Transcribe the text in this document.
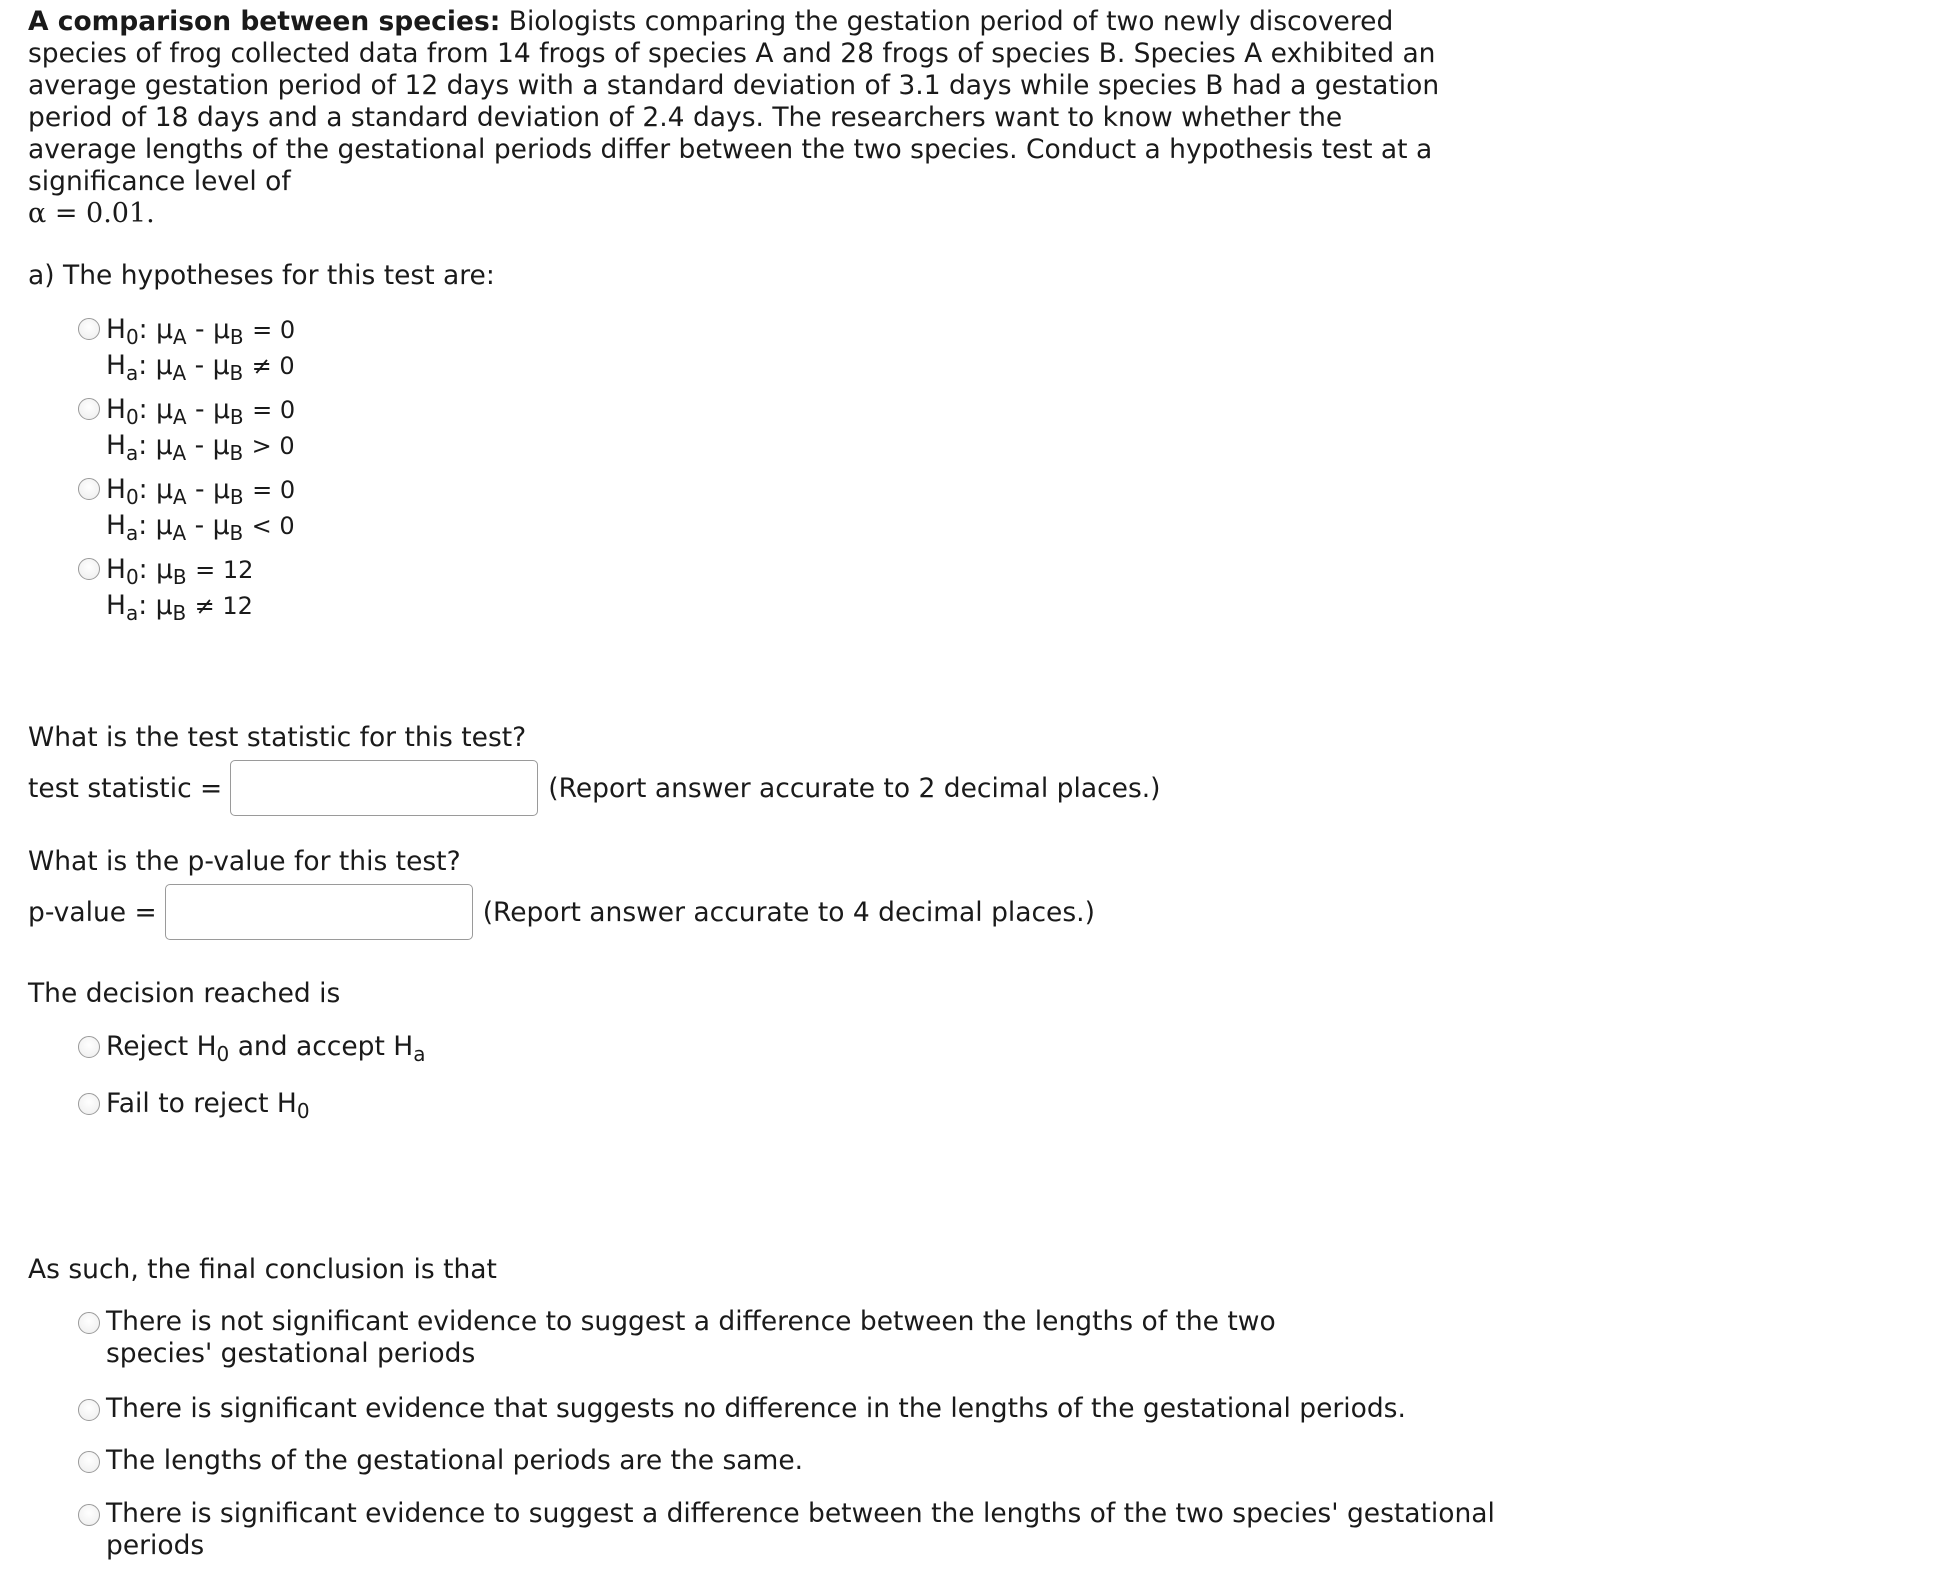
A comparison between species: Biologists comparing the gestation period of two newly discovered species of frog collected data from 14 frogs of species A and 28 frogs of species B. Species A exhibited an average gestation period of 12 days with a standard deviation of 3.1 days while species B had a gestation period of 18 days and a standard deviation of 2.4 days. The researchers want to know whether the average lengths of the gestational periods differ between the two species. Conduct a hypothesis test at a significance level of
α = 0.01.

a) The hypotheses for this test are:

$H_0$: $\mu_A - \mu_B = 0$
$H_a$: $\mu_A - \mu_B \ne 0$
$H_0$: $\mu_A - \mu_B = 0$
$H_a$: $\mu_A - \mu_B > 0$
$H_0$: $\mu_A - \mu_B = 0$
$H_a$: $\mu_A - \mu_B < 0$
$H_0$: $\mu_B = 12$
$H_a$: $\mu_B \ne 12$

What is the test statistic for this test?

test statistic =	(Report answer accurate to 2 decimal places.)

What is the p-value for this test?

p-value =	(Report answer accurate to 4 decimal places.)

The decision reached is

Reject $H_0$ and accept $H_a$
Fail to reject $H_0$

As such, the final conclusion is that

There is not significant evidence to suggest a difference between the lengths of the two species' gestational periods
There is significant evidence that suggests no difference in the lengths of the gestational periods.
The lengths of the gestational periods are the same.
There is significant evidence to suggest a difference between the lengths of the two species' gestational periods
